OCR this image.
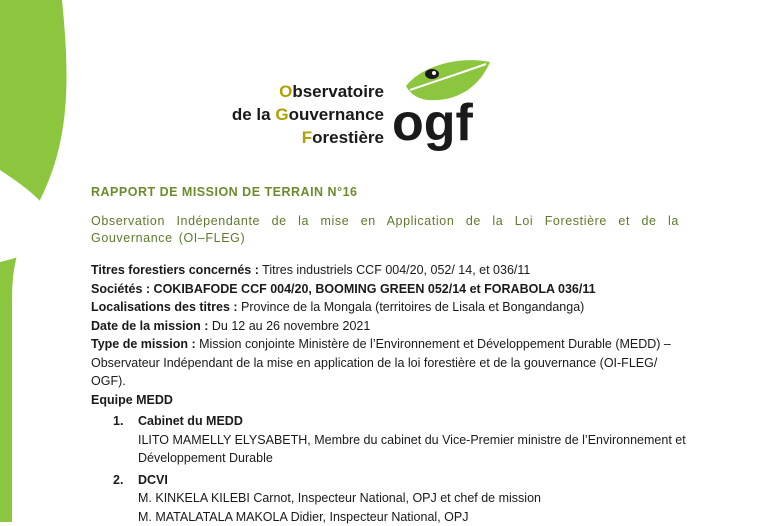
Observatoire
de la Gouvernance
Forestière ogf
RAPPORT DE MISSION DE TERRAIN N°16
Observation Indépendante de la mise en Application de la Loi Forestière et de la Gouvernance (OI–FLEG)

Titres forestiers concernés : Titres industriels CCF 004/20, 052/ 14, et 036/11

Sociétés : COKIBAFODE CCF 004/20, BOOMING GREEN 052/14 et FORABOLA 036/11

Localisations des titres : Province de la Mongala (territoires de Lisala et Bongandanga)

Date de la mission : Du 12 au 26 novembre 2021

Type de mission : Mission conjointe Ministère de l’Environnement et Développement Durable (MEDD) – Observateur Indépendant de la mise en application de la loi forestière et de la gouvernance (OI-FLEG/ OGF).

Equipe MEDD

1. Cabinet du MEDD
ILITO MAMELLY ELYSABETH, Membre du cabinet du Vice-Premier ministre de l’Environnement et Développement Durable
2. DCVI
M. KINKELA KILEBI Carnot, Inspecteur National, OPJ et chef de mission
M. MATALATALA MAKOLA Didier, Inspecteur National, OPJ
